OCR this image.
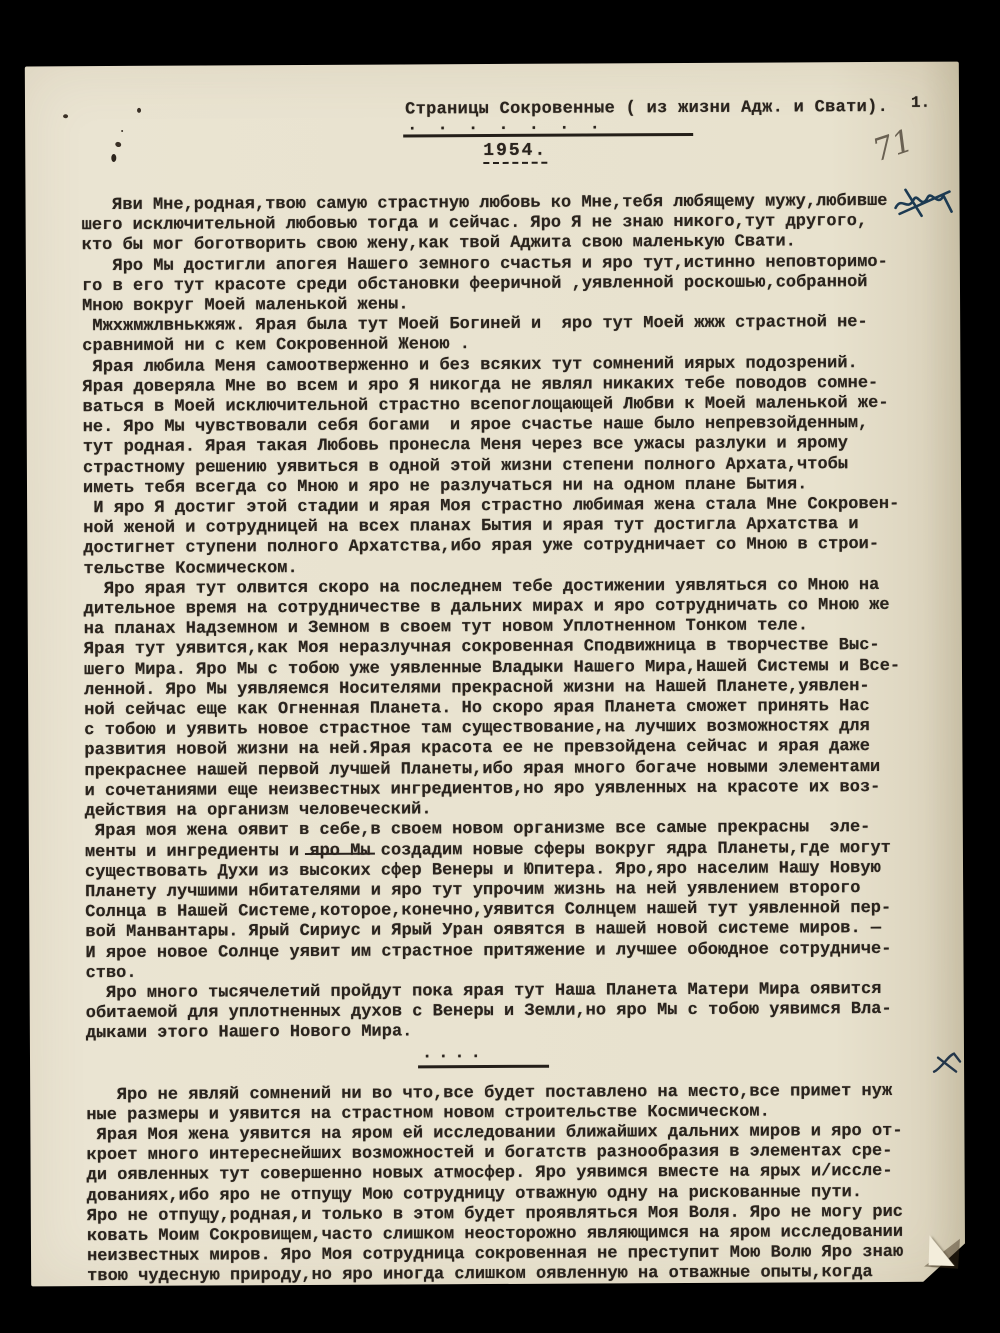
Страницы Сокровенные ( из жизни Адж. и Свати). 1.
. . . . . . .
1954.	71

Яви Мне,родная,твою самую страстную любовь ко Мне,тебя любящему мужу,любивше
шего исключительной любовью тогда и сейчас. Яро Я не знаю никого,тут другого,
кто бы мог боготворить свою жену,как твой Аджита свою маленькую Свати.

Яро Мы достигли апогея Нашего земного счастья и яро тут,истинно неповторимо-
го в его тут красоте среди обстановки фееричной ,уявленной роскошью,собранной
Мною вокруг Моей маленькой жены.

Мжхжмжлвнькжяж. Ярая была тут Моей Богиней и  яро тут Моей жжж страстной не-
сравнимой ни с кем Сокровенной Женою .

Ярая любила Меня самоотверженно и без всяких тут сомнений иярых подозрений.
Ярая доверяла Мне во всем и яро Я никогда не являл никаких тебе поводов сомне-
ваться в Моей исключительной страстно всепоглощающей Любви к Моей маленькой же-
не. Яро Мы чувствовали себя богами  и ярое счастье наше было непревзойденным,
тут родная. Ярая такая Любовь пронесла Меня через все ужасы разлуки и ярому
страстному решению уявиться в одной этой жизни степени полного Архата,чтобы
иметь тебя всегда со Мною и яро не разлучаться ни на одном плане Бытия.

И яро Я достиг этой стадии и ярая Моя страстно любимая жена стала Мне Сокровен-
ной женой и сотрудницей на всех планах Бытия и ярая тут достигла Архатства и
достигнет ступени полного Архатства,ибо ярая уже сотрудничает со Мною в строи-
тельстве Космическом.

Яро ярая тут олвится скоро на последнем тебе достижении уявляться со Мною на
дительное время на сотрудничестве в дальних мирах и яро сотрудничать со Мною же
на планах Надземном и Земном в своем тут новом Уплотненном Тонком теле.
Ярая тут уявится,как Моя неразлучная сокровенная Сподвижница в творчестве Выс-
шего Мира. Яро Мы с тобою уже уявленные Владыки Нашего Мира,Нашей Системы и Все-
ленной. Яро Мы уявляемся Носителями прекрасной жизни на Нашей Планете,уявлен-
ной сейчас еще как Огненная Планета. Но скоро ярая Планета сможет принять Нас
с тобою и уявить новое страстное там существование,на лучших возможностях для
развития новой жизни на ней.Ярая красота ее не превзойдена сейчас и ярая даже
прекраснее нашей первой лучшей Планеты,ибо ярая много богаче новыми элементами
и сочетаниями еще неизвестных ингредиентов,но яро уявленных на красоте их воз-
действия на организм человеческий.

Ярая моя жена оявит в себе,в своем новом организме все самые прекрасны  эле-
менты и ингредиенты и яро Мы создадим новые сферы вокруг ядра Планеты,где могут
существовать Духи из высоких сфер Венеры и Юпитера. Яро,яро населим Нашу Новую
Планету лучшими нбитателями и яро тут упрочим жизнь на ней уявлением второго
Солнца в Нашей Системе,которое,конечно,уявится Солнцем нашей тут уявленной пер-
вой Манвантары. Ярый Сириус и Ярый Уран оявятся в нашей новой системе миров. —
И ярое новое Солнце уявит им страстное притяжение и лучшее обоюдное сотрудниче-
ство.

Яро много тысячелетий пройдут пока ярая тут Наша Планета Матери Мира оявится
обитаемой для уплотненных духов с Венеры и Земли,но яро Мы с тобою уявимся Вла-
дыками этого Нашего Нового Мира.

....

Яро не являй сомнений ни во что,все будет поставлено на место,все примет нуж
ные размеры и уявится на страстном новом строительстве Космическом.
Ярая Моя жена уявится на яром ей исследовании ближайших дальних миров и яро от-
кроет много интереснейших возможностей и богатств разнообразия в элементах сре-
ди оявленных тут совершенно новых атмосфер. Яро уявимся вместе на ярых и/иссле-
дованиях,ибо яро не отпущу Мою сотрудницу отважную одну на рискованные пути.
Яро не отпущу,родная,и только в этом будет проявляться Моя Воля. Яро не могу рис
ковать Моим Сокровищем,часто слишком неосторожно являющимся на яром исследовании
неизвестных миров. Яро Моя сотрудница сокровенная не преступит Мою Волю Яро знаю
твою чудесную природу,но яро иногда слишком оявленную на отважные опыты,когда
